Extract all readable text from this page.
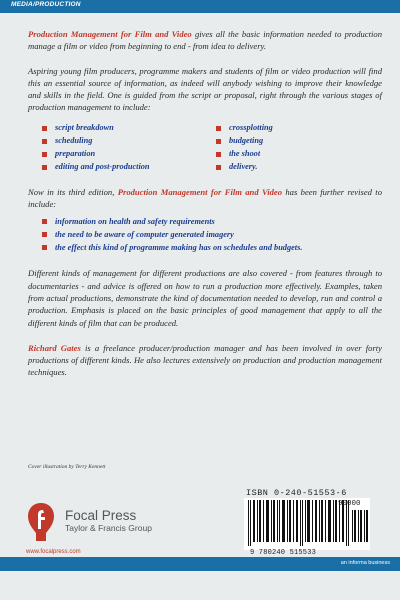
MEDIA/PRODUCTION

Production Management for Film and Video gives all the basic information needed to production manage a film or video from beginning to end - from idea to delivery.

Aspiring young film producers, programme makers and students of film or video production will find this an essential source of information, as indeed will anybody wishing to improve their knowledge and skills in the field. One is guided from the script or proposal, right through the various stages of production management to include:

script breakdown
scheduling
preparation
editing and post-production
crossplotting
budgeting
the shoot
delivery.

Now in its third edition, Production Management for Film and Video has been further revised to include:

information on health and safety requirements
the need to be aware of computer generated imagery
the effect this kind of programme making has on schedules and budgets.

Different kinds of management for different productions are also covered - from features through to documentaries - and advice is offered on how to run a production more effectively. Examples, taken from actual productions, demonstrate the kind of documentation needed to develop, run and control a production. Emphasis is placed on the basic principles of good management that apply to all the different kinds of film that can be produced.

Richard Gates is a freelance producer/production manager and has been involved in over forty productions of different kinds. He also lectures extensively on production and production management techniques.

Cover illustration by Terry Kennett
Focal Press
Taylor & Francis Group
www.focalpress.com
ISBN 0-240-51553-6
90000
9 780240 515533
an informa business
